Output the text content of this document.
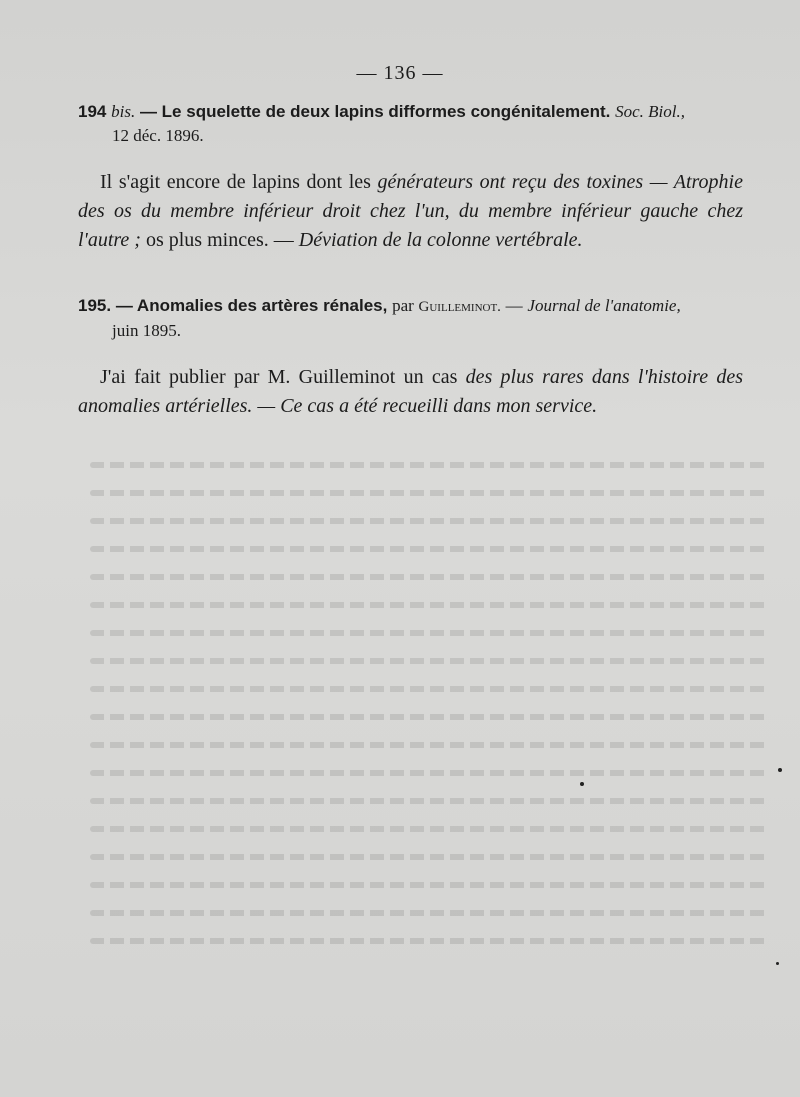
— 136 —
194 bis. — Le squelette de deux lapins difformes congénitalement. Soc. Biol.,
12 déc. 1896.
Il s'agit encore de lapins dont les générateurs ont reçu des toxines — Atrophie des os du membre inférieur droit chez l'un, du membre inférieur gauche chez l'autre ; os plus minces. — Déviation de la colonne vertébrale.
195. — Anomalies des artères rénales, par Guilleminot. — Journal de l'anatomie,
juin 1895.
J'ai fait publier par M. Guilleminot un cas des plus rares dans l'histoire des anomalies artérielles. — Ce cas a été recueilli dans mon service.
